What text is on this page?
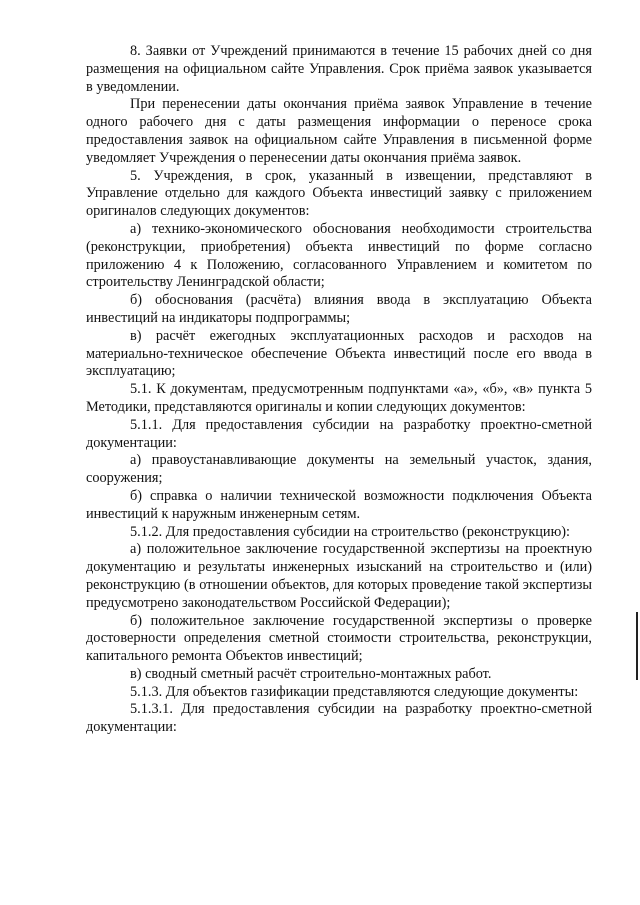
8. Заявки от Учреждений принимаются в течение 15 рабочих дней со дня размещения на официальном сайте Управления. Срок приёма заявок указывается в уведомлении.

При перенесении даты окончания приёма заявок Управление в течение одного рабочего дня с даты размещения информации о переносе срока предоставления заявок на официальном сайте Управления в письменной форме уведомляет Учреждения о перенесении даты окончания приёма заявок.

5. Учреждения, в срок, указанный в извещении, представляют в Управление отдельно для каждого Объекта инвестиций заявку с приложением оригиналов следующих документов:

а) технико-экономического обоснования необходимости строительства (реконструкции, приобретения) объекта инвестиций по форме согласно приложению 4 к Положению, согласованного Управлением и комитетом по строительству Ленинградской области;

б) обоснования (расчёта) влияния ввода в эксплуатацию Объекта инвестиций на индикаторы подпрограммы;

в) расчёт ежегодных эксплуатационных расходов и расходов на материально-техническое обеспечение Объекта инвестиций после его ввода в эксплуатацию;

5.1. К документам, предусмотренным подпунктами «а», «б», «в» пункта 5 Методики, представляются оригиналы и копии следующих документов:

5.1.1. Для предоставления субсидии на разработку проектно-сметной документации:

а) правоустанавливающие документы на земельный участок, здания, сооружения;

б) справка о наличии технической возможности подключения Объекта инвестиций к наружным инженерным сетям.

5.1.2. Для предоставления субсидии на строительство (реконструкцию):

а) положительное заключение государственной экспертизы на проектную документацию и результаты инженерных изысканий на строительство и (или) реконструкцию (в отношении объектов, для которых проведение такой экспертизы предусмотрено законодательством Российской Федерации);

б) положительное заключение государственной экспертизы о проверке достоверности определения сметной стоимости строительства, реконструкции, капитального ремонта Объектов инвестиций;

в) сводный сметный расчёт строительно-монтажных работ.

5.1.3. Для объектов газификации представляются следующие документы:

5.1.3.1. Для предоставления субсидии на разработку проектно-сметной документации:
